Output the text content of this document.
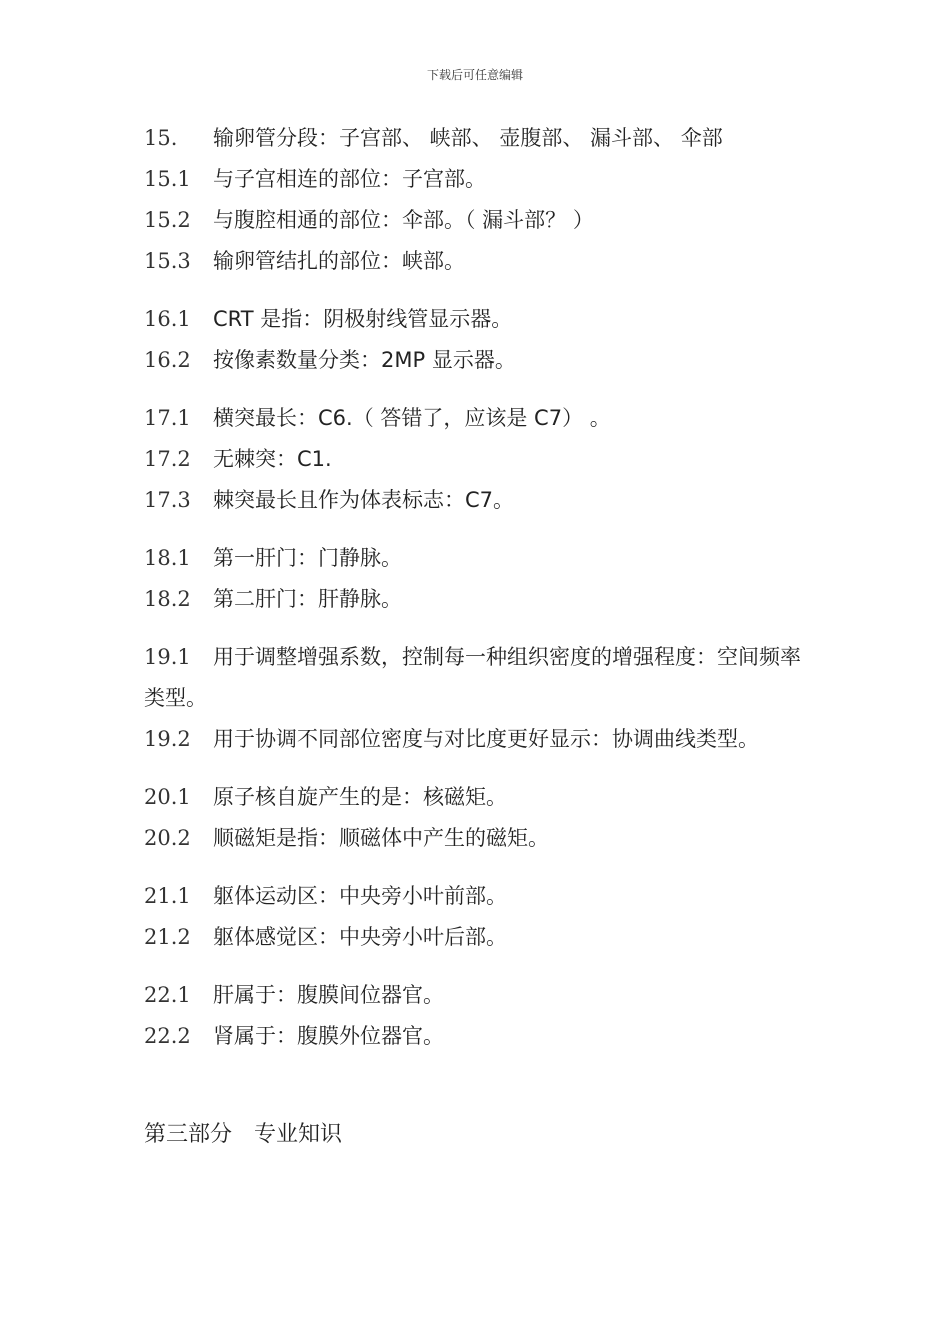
下载后可任意编辑
15.	输卵管分段：子宫部、 峡部、 壶腹部、 漏斗部、 伞部
15.1	与子宫相连的部位：子宫部。
15.2	与腹腔相通的部位：伞部。（ 漏斗部？ ）
15.3	输卵管结扎的部位：峡部。
16.1	CRT 是指：阴极射线管显示器。
16.2	按像素数量分类：2MP 显示器。
17.1	横突最长：C6.（ 答错了，应该是 C7） 。
17.2	无棘突：C1.
17.3	棘突最长且作为体表标志：C7。
18.1	第一肝门：门静脉。
18.2	第二肝门：肝静脉。
19.1 用于调整增强系数，控制每一种组织密度的增强程度：空间频率类型。
19.2	用于协调不同部位密度与对比度更好显示：协调曲线类型。
20.1	原子核自旋产生的是：核磁矩。
20.2	顺磁矩是指：顺磁体中产生的磁矩。
21.1	躯体运动区：中央旁小叶前部。
21.2	躯体感觉区：中央旁小叶后部。
22.1	肝属于：腹膜间位器官。
22.2	肾属于：腹膜外位器官。
第三部分　专业知识
